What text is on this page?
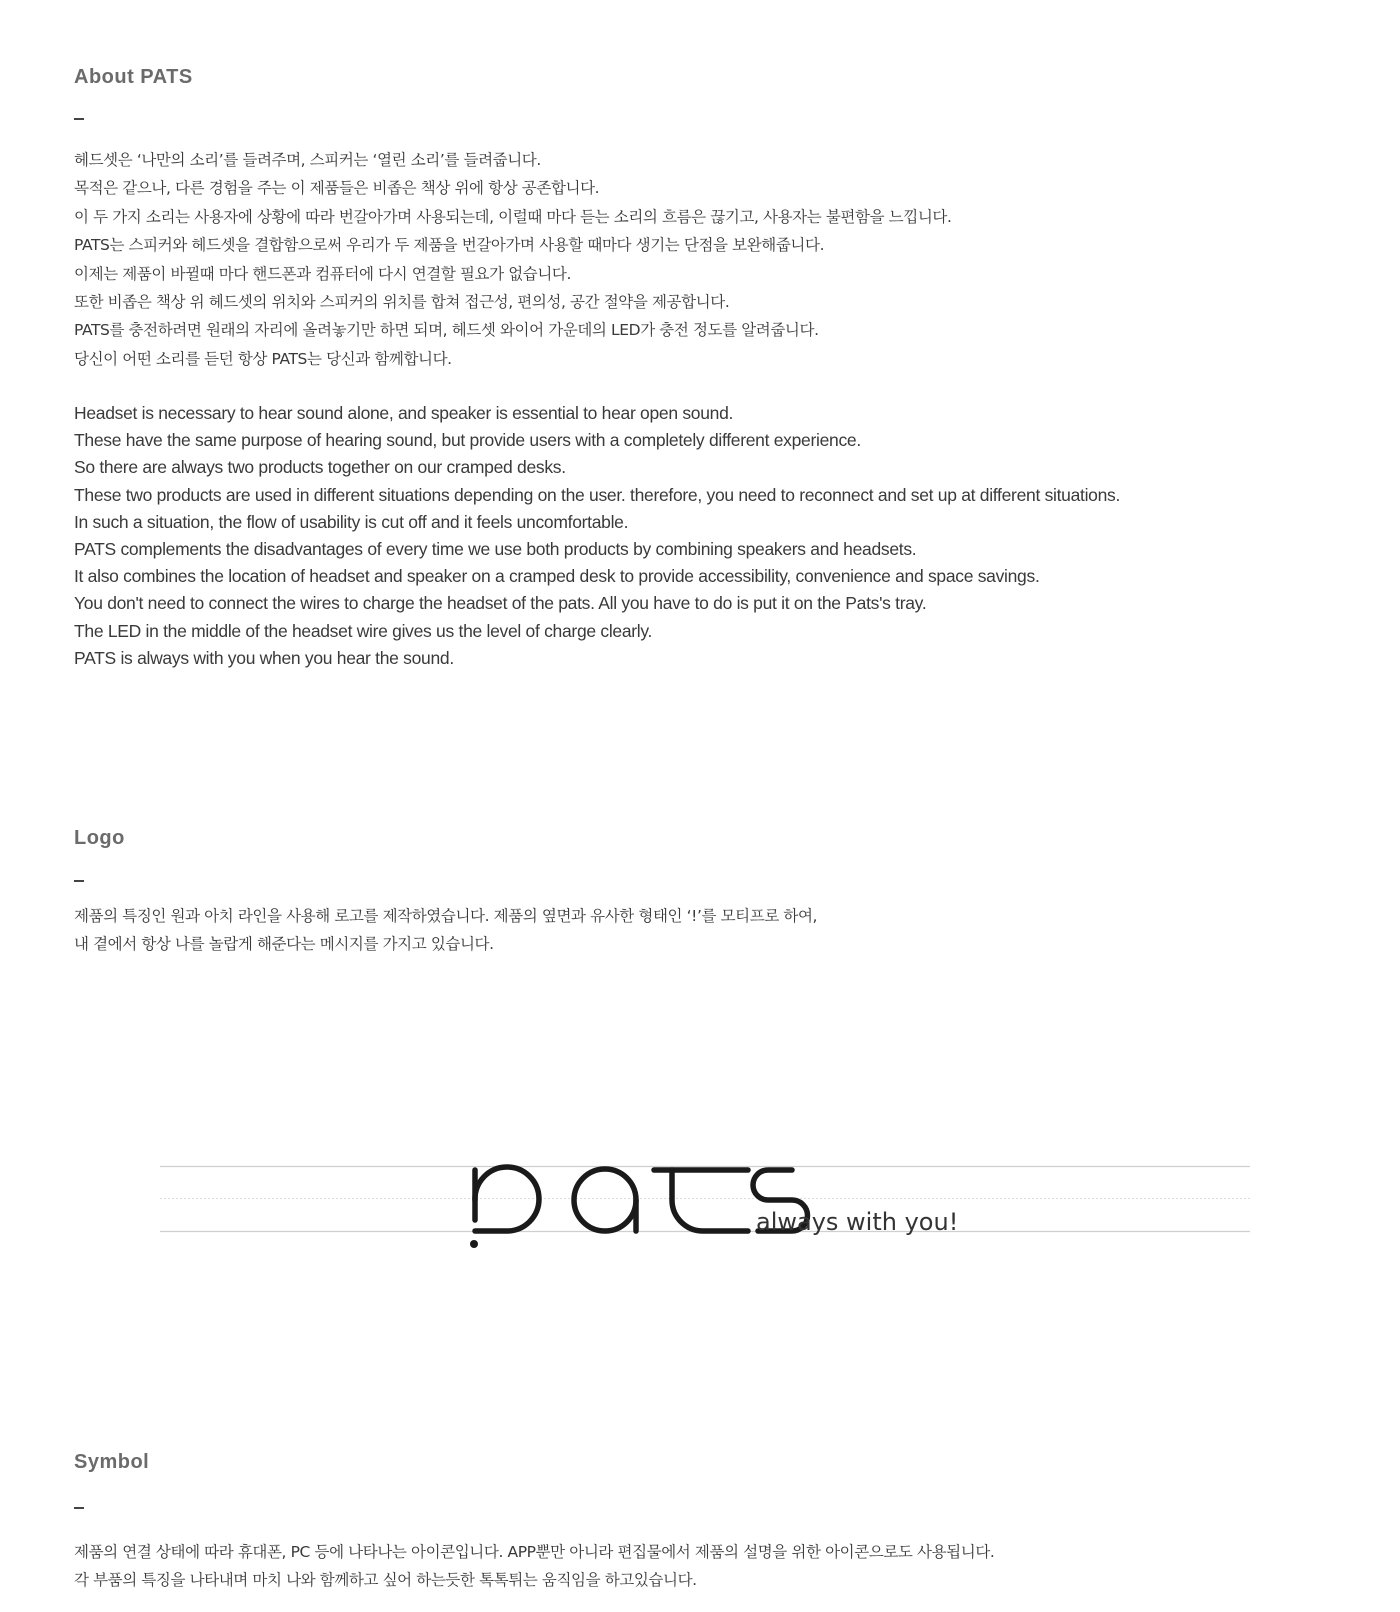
About PATS
헤드셋은 ‘나만의 소리’를 들려주며, 스피커는 ‘열린 소리’를 들려줍니다.
목적은 같으나, 다른 경험을 주는 이 제품들은 비좁은 책상 위에 항상 공존합니다.
이 두 가지 소리는 사용자에 상황에 따라 번갈아가며 사용되는데, 이럴때 마다 듣는 소리의 흐름은 끊기고, 사용자는 불편함을 느낍니다.
PATS는 스피커와 헤드셋을 결합함으로써 우리가 두 제품을 번갈아가며 사용할 때마다 생기는 단점을 보완해줍니다.
이제는 제품이 바뀔때 마다 핸드폰과 컴퓨터에 다시 연결할 필요가 없습니다.
또한 비좁은 책상 위 헤드셋의 위치와 스피커의 위치를 합쳐 접근성, 편의성, 공간 절약을 제공합니다.
PATS를 충전하려면 원래의 자리에 올려놓기만 하면 되며, 헤드셋 와이어 가운데의 LED가 충전 정도를 알려줍니다.
당신이 어떤 소리를 듣던 항상 PATS는 당신과 함께합니다.
Headset is necessary to hear sound alone, and speaker is essential to hear open sound.
These have the same purpose of hearing sound, but provide users with a completely different experience.
So there are always two products together on our cramped desks.
These two products are used in different situations depending on the user. therefore, you need to reconnect and set up at different situations.
In such a situation, the flow of usability is cut off and it feels uncomfortable.
PATS complements the disadvantages of every time we use both products by combining speakers and headsets.
It also combines the location of headset and speaker on a cramped desk to provide accessibility, convenience and space savings.
You don't need to connect the wires to charge the headset of the pats. All you have to do is put it on the Pats's tray.
The LED in the middle of the headset wire gives us the level of charge clearly.
PATS is always with you when you hear the sound.
Logo
제품의 특징인 원과 아치 라인을 사용해 로고를 제작하였습니다. 제품의 옆면과 유사한 형태인 ‘!’를 모티프로 하여,
내 곁에서 항상 나를 놀랍게 해준다는 메시지를 가지고 있습니다.
always with you!
Symbol
제품의 연결 상태에 따라 휴대폰, PC 등에 나타나는 아이콘입니다. APP뿐만 아니라 편집물에서 제품의 설명을 위한 아이콘으로도 사용됩니다.
각 부품의 특징을 나타내며 마치 나와 함께하고 싶어 하는듯한 톡톡튀는 움직임을 하고있습니다.
